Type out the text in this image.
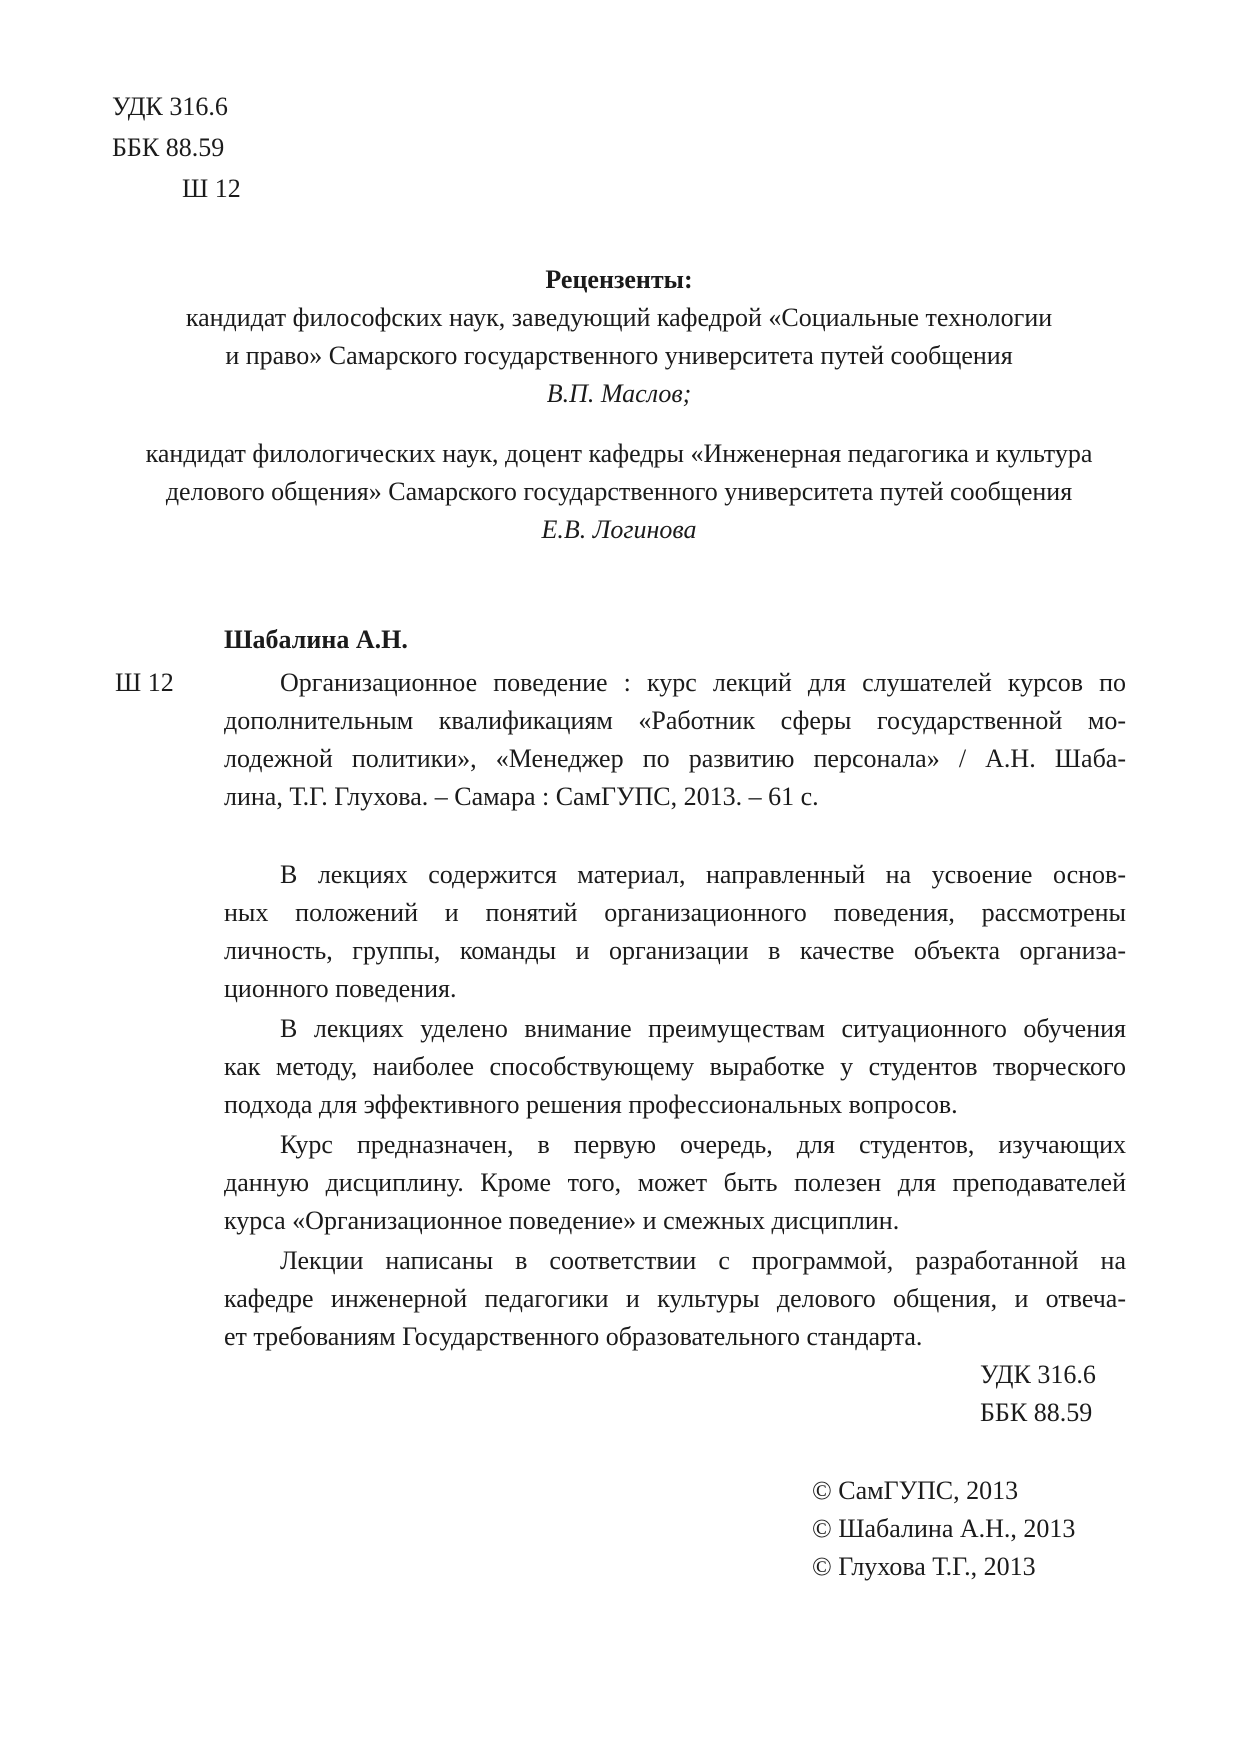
УДК 316.6
ББК 88.59
Ш 12
Рецензенты:
кандидат философских наук, заведующий кафедрой «Социальные технологии
и право» Самарского государственного университета путей сообщения
В.П. Маслов;
кандидат филологических наук, доцент кафедры «Инженерная педагогика и культура
делового общения» Самарского государственного университета путей сообщения
Е.В. Логинова
Шабалина А.Н.
Ш 12	Организационное поведение : курс лекций для слушателей курсов по
дополнительным квалификациям «Работник сферы государственной мо-
лодежной политики», «Менеджер по развитию персонала» / А.Н. Шаба-
лина, Т.Г. Глухова. – Самара : СамГУПС, 2013. – 61 с.
В лекциях содержится материал, направленный на усвоение основ-
ных положений и понятий организационного поведения, рассмотрены
личность, группы, команды и организации в качестве объекта организа-
ционного поведения.
В лекциях уделено внимание преимуществам ситуационного обучения
как методу, наиболее способствующему выработке у студентов творческого
подхода для эффективного решения профессиональных вопросов.
Курс предназначен, в первую очередь, для студентов, изучающих
данную дисциплину. Кроме того, может быть полезен для преподавателей
курса «Организационное поведение» и смежных дисциплин.
Лекции написаны в соответствии с программой, разработанной на
кафедре инженерной педагогики и культуры делового общения, и отвеча-
ет требованиям Государственного образовательного стандарта.
УДК 316.6
ББК 88.59
© СамГУПС, 2013
© Шабалина А.Н., 2013
© Глухова Т.Г., 2013
